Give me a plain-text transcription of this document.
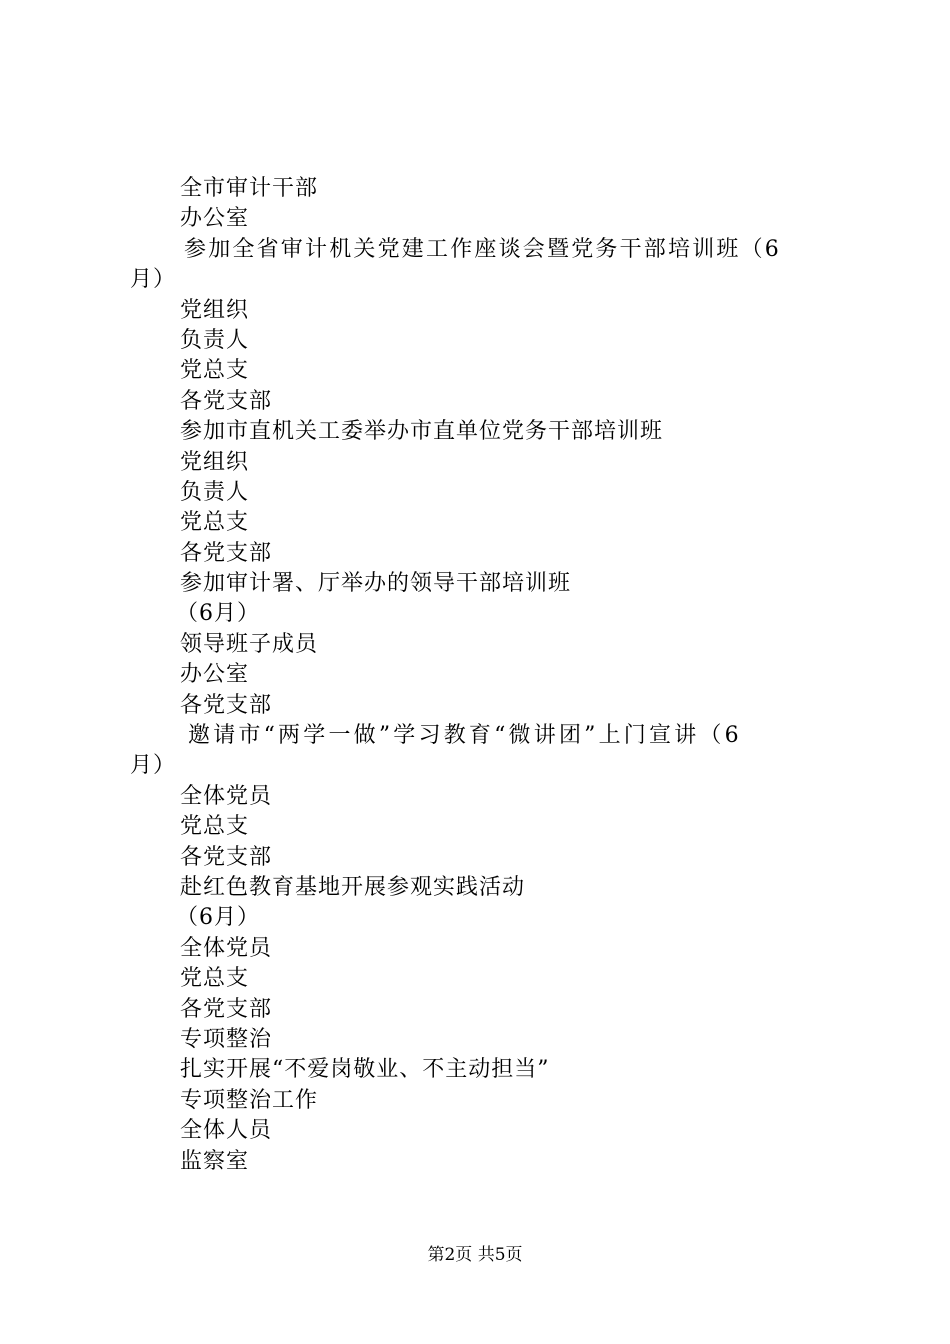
全市审计干部
办公室
参加全省审计机关党建工作座谈会暨党务干部培训班（6
月）
党组织
负责人
党总支
各党支部
参加市直机关工委举办市直单位党务干部培训班
党组织
负责人
党总支
各党支部
参加审计署、厅举办的领导干部培训班
（6月）
领导班子成员
办公室
各党支部
邀请市“两学一做”学习教育“微讲团”上门宣讲（6
月）
全体党员
党总支
各党支部
赴红色教育基地开展参观实践活动
（6月）
全体党员
党总支
各党支部
专项整治
扎实开展“不爱岗敬业、不主动担当”
专项整治工作
全体人员
监察室
第2页 共5页
